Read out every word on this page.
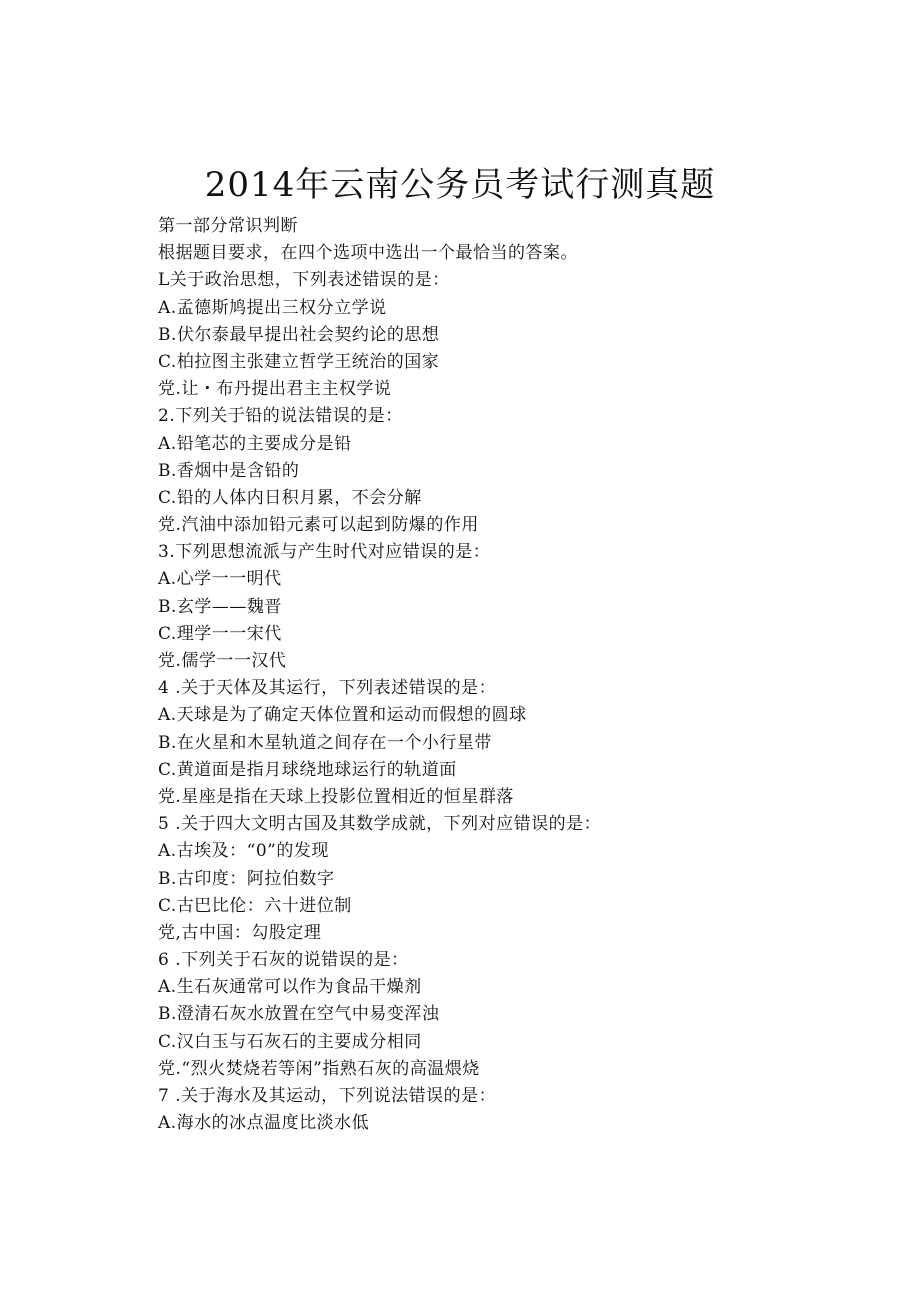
2014年云南公务员考试行测真题
第一部分常识判断
根据题目要求，在四个选项中选出一个最恰当的答案。
L关于政治思想，下列表述错误的是：
A.孟德斯鸠提出三权分立学说
B.伏尔泰最早提出社会契约论的思想
C.柏拉图主张建立哲学王统治的国家
党.让・布丹提出君主主权学说
2.下列关于铅的说法错误的是：
A.铅笔芯的主要成分是铅
B.香烟中是含铅的
C.铅的人体内日积月累，不会分解
党.汽油中添加铅元素可以起到防爆的作用
3.下列思想流派与产生时代对应错误的是：
A.心学一一明代
B.玄学——魏晋
C.理学一一宋代
党.儒学一一汉代
4 .关于天体及其运行，下列表述错误的是：
A.天球是为了确定天体位置和运动而假想的圆球
B.在火星和木星轨道之间存在一个小行星带
C.黄道面是指月球绕地球运行的轨道面
党.星座是指在天球上投影位置相近的恒星群落
5 .关于四大文明古国及其数学成就，下列对应错误的是：
A.古埃及：“0”的发现
B.古印度：阿拉伯数字
C.古巴比伦：六十进位制
党,古中国：勾股定理
6 .下列关于石灰的说错误的是：
A.生石灰通常可以作为食品干燥剂
B.澄清石灰水放置在空气中易变浑浊
C.汉白玉与石灰石的主要成分相同
党.“烈火焚烧若等闲”指熟石灰的高温煨烧
7 .关于海水及其运动，下列说法错误的是：
A.海水的冰点温度比淡水低
